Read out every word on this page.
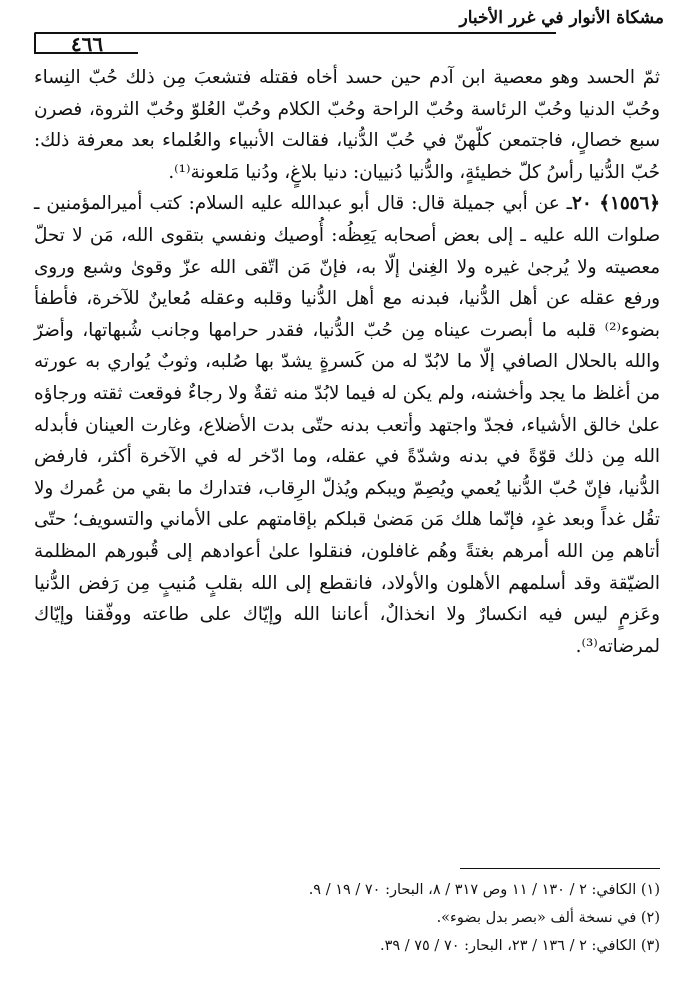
مشكاة الأنوار في غرر الأخبار
٤٦٦

ثمّ الحسد وهو معصية ابن آدم حين حسد أخاه فقتله فتشعبَ مِن ذلك حُبّ النِساء وحُبّ الدنيا وحُبّ الرئاسة وحُبّ الراحة وحُبّ الكلام وحُبّ العُلوّ وحُبّ الثروة، فصرن سبع خصالٍ، فاجتمعن كلّهنّ في حُبّ الدُّنيا، فقالت الأنبياء والعُلماء بعد معرفة ذلك: حُبّ الدُّنيا رأسُ كلّ خطيئةٍ، والدُّنيا دُنييان: دنيا بلاغٍ، ودُنيا مَلعونة⁽¹⁾.

﴿١٥٥٦﴾ ٢٠ـ عن أبي جميلة قال: قال أبو عبدالله عليه السلام: كتب أميرالمؤمنين ـ صلوات الله عليه ـ إلى بعض أصحابه يَعِظُه: أُوصيك ونفسي بتقوى الله، مَن لا تحلّ معصيته ولا يُرجىٰ غيره ولا الغِنىٰ إلّا به، فإنّ مَن اتّقى الله عزّ وقوىٰ وشبع وروى ورفع عقله عن أهل الدُّنيا، فبدنه مع أهل الدُّنيا وقلبه وعقله مُعاينٌ للآخرة، فأطفأ بضوء⁽²⁾ قلبه ما أبصرت عيناه مِن حُبّ الدُّنيا، فقدر حرامها وجانب شُبهاتها، وأضرّ والله بالحلال الصافي إلّا ما لابُدّ له من كَسرةٍ يشدّ بها صُلبه، وثوبٌ يُواري به عورته من أغلظ ما يجد وأخشنه، ولم يكن له فيما لابُدّ منه ثقةٌ ولا رجاءٌ فوقعت ثقته ورجاؤه علىٰ خالق الأشياء، فجدّ واجتهد وأتعب بدنه حتّى بدت الأضلاع، وغارت العينان فأبدله الله مِن ذلك قوّةً في بدنه وشدّةً في عقله، وما ادّخر له في الآخرة أكثر، فارفض الدُّنيا، فإنّ حُبّ الدُّنيا يُعمي ويُصِمّ ويبكم ويُذلّ الرِقاب، فتدارك ما بقي من عُمرك ولا تقُل غداً وبعد غدٍ، فإنّما هلك مَن مَضىٰ قبلكم بإقامتهم على الأماني والتسويف؛ حتّى أتاهم مِن الله أمرهم بغتةً وهُم غافلون، فنقلوا علىٰ أعوادهم إلى قُبورهم المظلمة الضيّقة وقد أسلمهم الأهلون والأولاد، فانقطع إلى الله بقلبٍ مُنيبٍ مِن رَفض الدُّنيا وعَزمٍ ليس فيه انكسارٌ ولا انخذالٌ، أعاننا الله وإيّاك على طاعته ووفّقنا وإيّاك لمرضاته⁽³⁾.

(١) الكافي: ٢ / ١٣٠ / ١١ وص ٣١٧ / ٨، البحار: ٧٠ / ١٩ / ٩.

(٢) في نسخة ألف «بصر بدل بضوء».

(٣) الكافي: ٢ / ١٣٦ / ٢٣، البحار: ٧٠ / ٧٥ / ٣٩.
